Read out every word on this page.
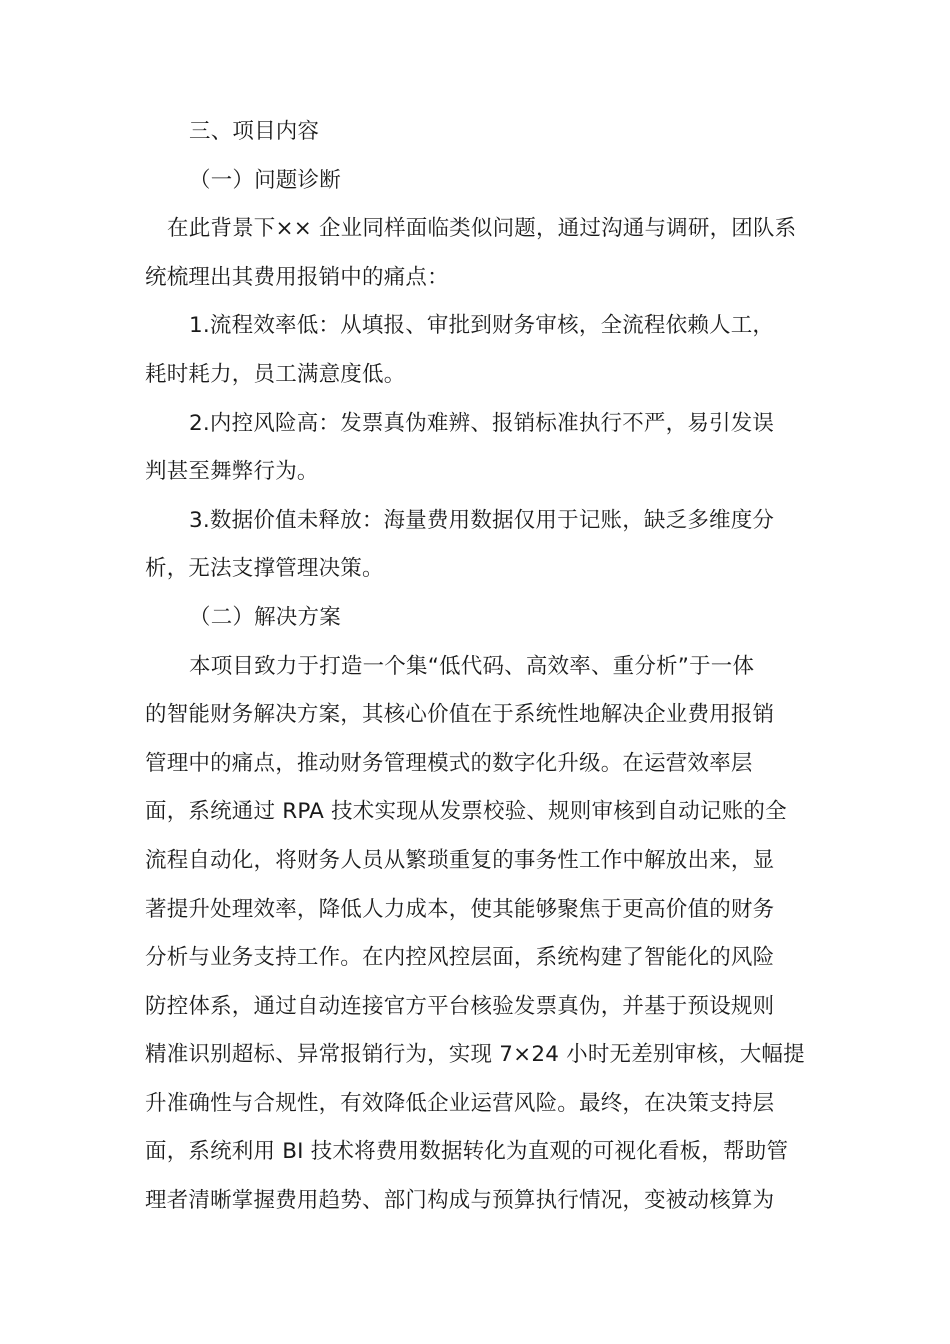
三、项目内容
（一）问题诊断
在此背景下×× 企业同样面临类似问题，通过沟通与调研，团队系
统梳理出其费用报销中的痛点：
1.流程效率低：从填报、审批到财务审核，全流程依赖人工，
耗时耗力，员工满意度低。
2.内控风险高：发票真伪难辨、报销标准执行不严，易引发误
判甚至舞弊行为。
3.数据价值未释放：海量费用数据仅用于记账，缺乏多维度分
析，无法支撑管理决策。
（二）解决方案
本项目致力于打造一个集“低代码、高效率、重分析”于一体
的智能财务解决方案，其核心价值在于系统性地解决企业费用报销
管理中的痛点，推动财务管理模式的数字化升级。在运营效率层
面，系统通过 RPA 技术实现从发票校验、规则审核到自动记账的全
流程自动化，将财务人员从繁琐重复的事务性工作中解放出来，显
著提升处理效率，降低人力成本，使其能够聚焦于更高价值的财务
分析与业务支持工作。在内控风控层面，系统构建了智能化的风险
防控体系，通过自动连接官方平台核验发票真伪，并基于预设规则
精准识别超标、异常报销行为，实现 7×24 小时无差别审核，大幅提
升准确性与合规性，有效降低企业运营风险。最终，在决策支持层
面，系统利用 BI 技术将费用数据转化为直观的可视化看板，帮助管
理者清晰掌握费用趋势、部门构成与预算执行情况，变被动核算为
